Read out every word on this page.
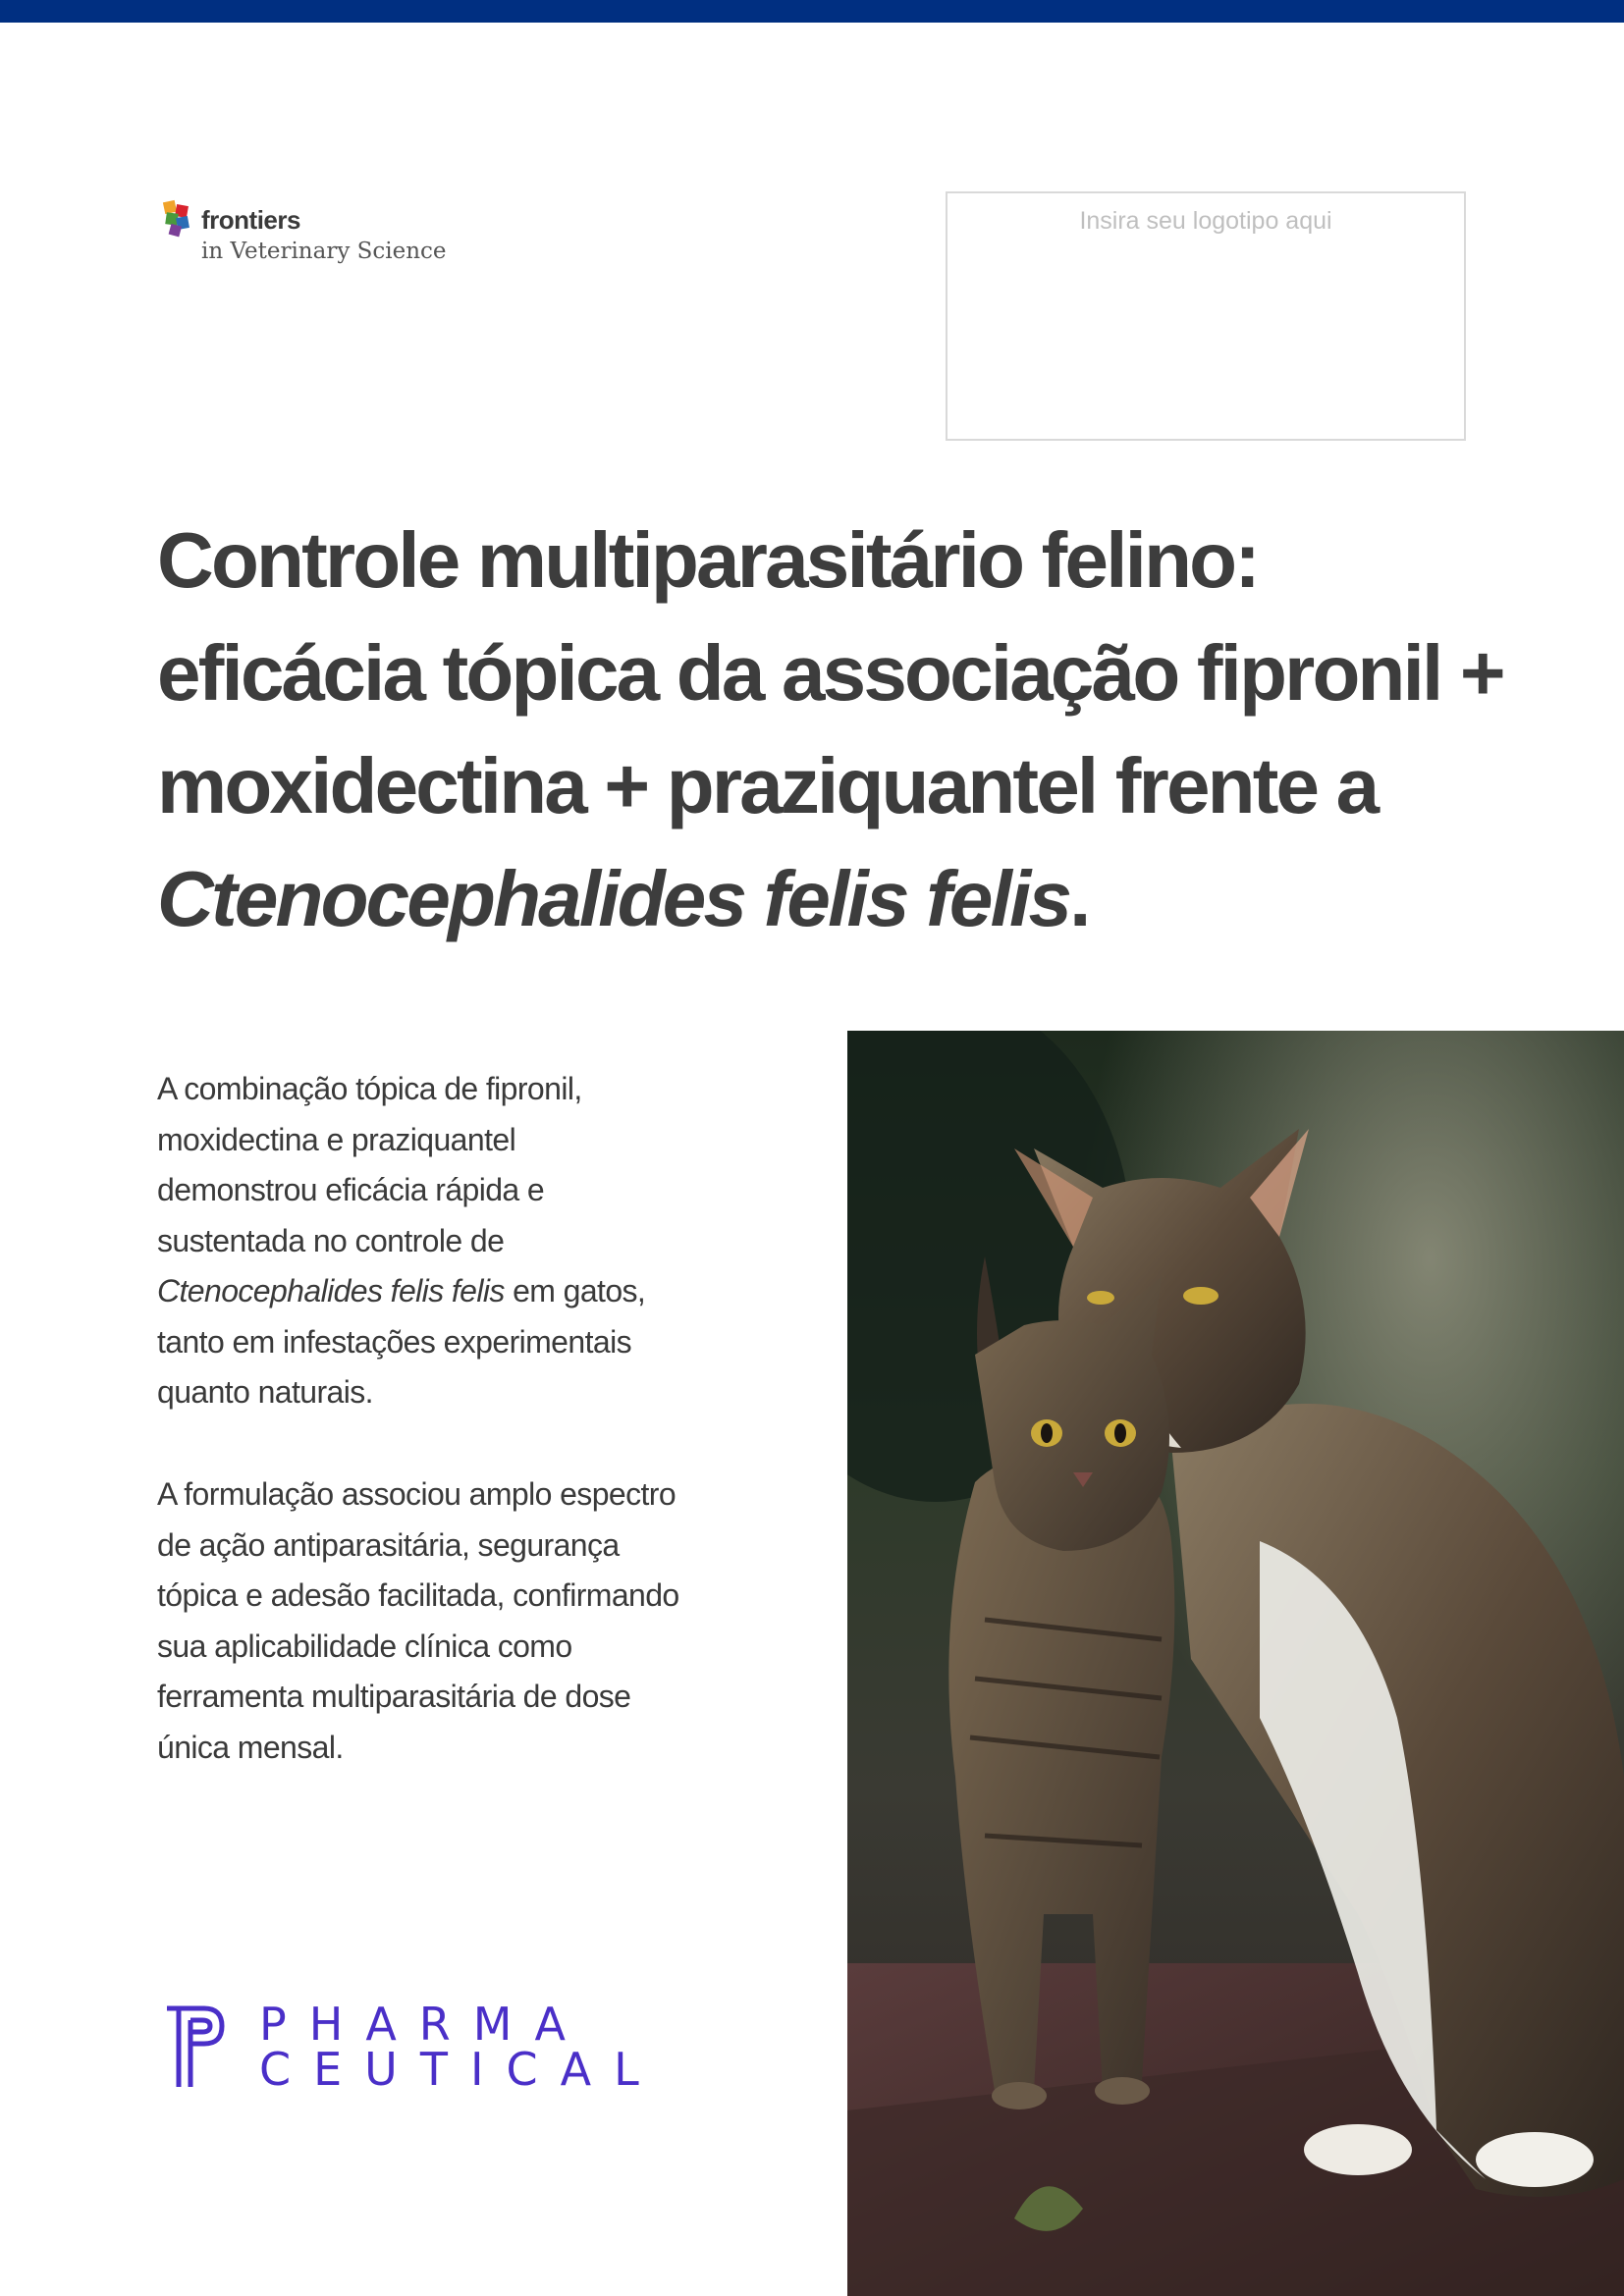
frontiers
in Veterinary Science
Insira seu logotipo aqui
Controle multiparasitário felino:
eficácia tópica da associação fipronil +
moxidectina + praziquantel frente a
Ctenocephalides felis felis.

A combinação tópica de fipronil,
moxidectina e praziquantel
demonstrou eficácia rápida e
sustentada no controle de
Ctenocephalides felis felis em gatos,
tanto em infestações experimentais
quanto naturais.

A formulação associou amplo espectro
de ação antiparasitária, segurança
tópica e adesão facilitada, confirmando
sua aplicabilidade clínica como
ferramenta multiparasitária de dose
única mensal.

PHARMA
CEUTICAL
